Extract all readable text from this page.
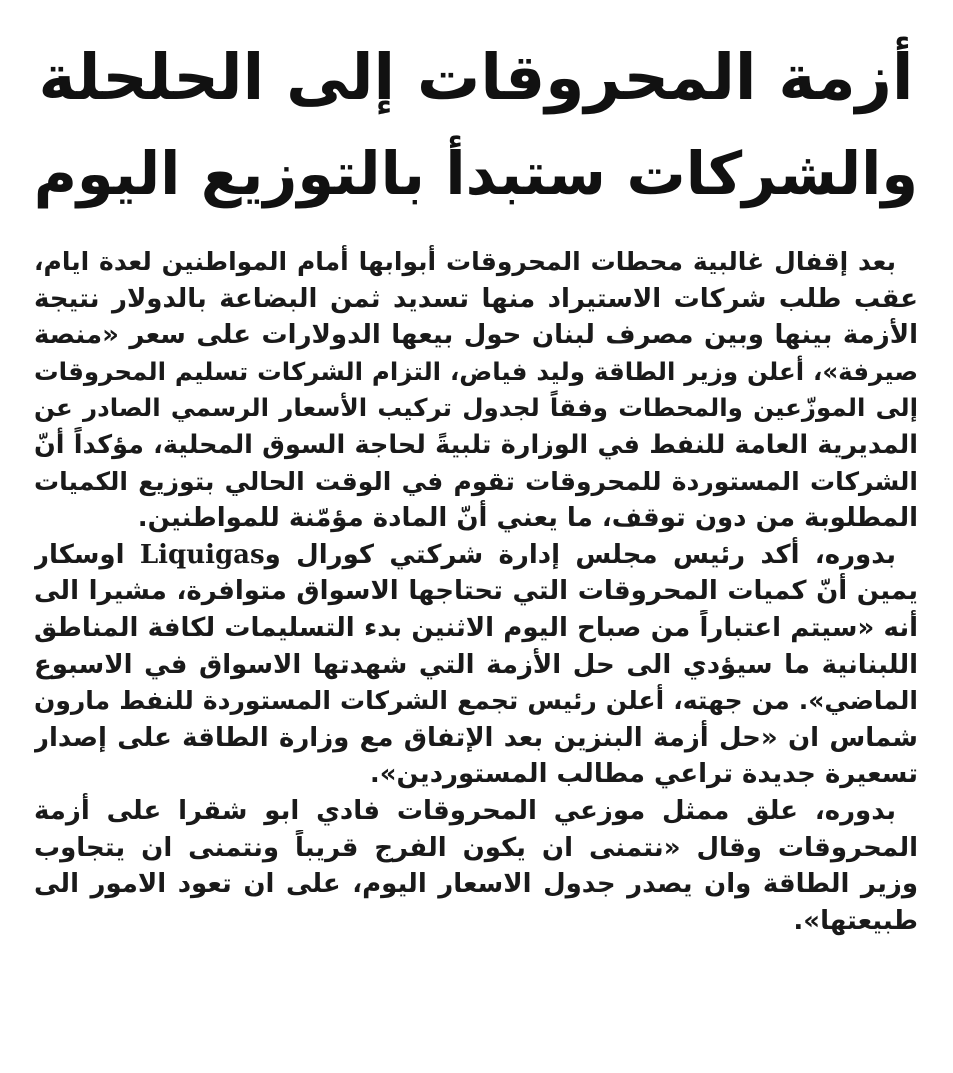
أزمة المحروقات إلى الحلحلة
والشركات ستبدأ بالتوزيع اليوم
بعد إقفال غالبية محطات المحروقات أبوابها أمام المواطنين لعدة ايام،
عقب طلب شركات الاستيراد منها تسديد ثمن البضاعة بالدولار نتيجة
الأزمة بينها وبين مصرف لبنان حول بيعها الدولارات على سعر «منصة
صيرفة»، أعلن وزير الطاقة وليد فياض، التزام الشركات تسليم المحروقات
إلى الموزّعين والمحطات وفقاً لجدول تركيب الأسعار الرسمي الصادر عن
المديرية العامة للنفط في الوزارة تلبيةً لحاجة السوق المحلية، مؤكداً أنّ
الشركات المستوردة للمحروقات تقوم في الوقت الحالي بتوزيع الكميات
المطلوبة من دون توقف، ما يعني أنّ المادة مؤمّنة للمواطنين.
بدوره، أكد رئيس مجلس إدارة شركتي كورال وLiquigas اوسكار
يمين أنّ كميات المحروقات التي تحتاجها الاسواق متوافرة، مشيرا الى
أنه «سيتم اعتباراً من صباح اليوم الاثنين بدء التسليمات لكافة المناطق
اللبنانية ما سيؤدي الى حل الأزمة التي شهدتها الاسواق في الاسبوع
الماضي». من جهته، أعلن رئيس تجمع الشركات المستوردة للنفط مارون
شماس ان «حل أزمة البنزين بعد الإتفاق مع وزارة الطاقة على إصدار
تسعيرة جديدة تراعي مطالب المستوردين».
بدوره، علق ممثل موزعي المحروقات فادي ابو شقرا على أزمة
المحروقات وقال «نتمنى ان يكون الفرج قريباً ونتمنى ان يتجاوب
وزير الطاقة وان يصدر جدول الاسعار اليوم، على ان تعود الامور الى
طبيعتها».
